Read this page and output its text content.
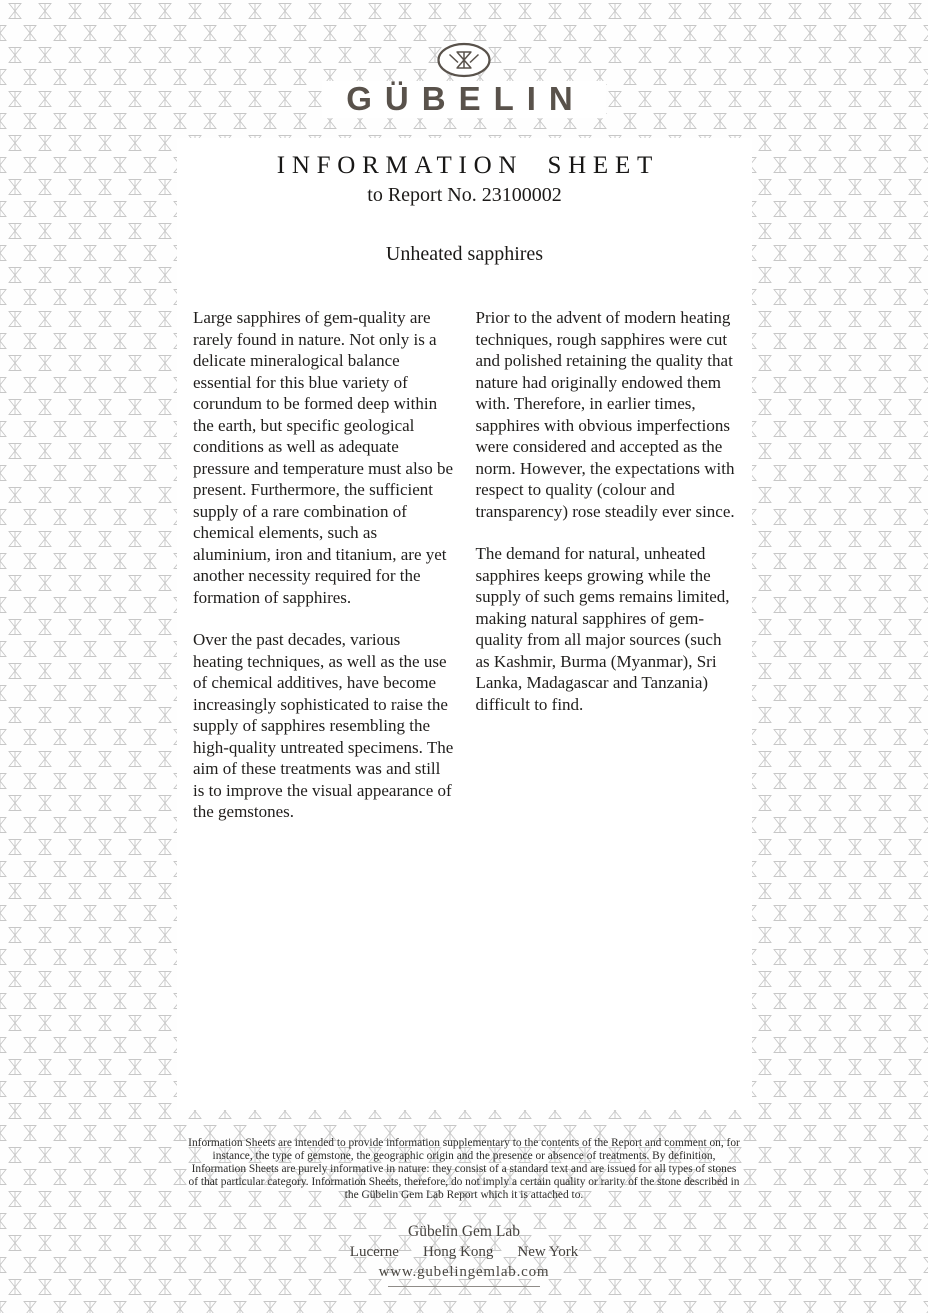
GÜBELIN
INFORMATION SHEET
to Report No. 23100002
Unheated sapphires

Large sapphires of gem-quality are rarely found in nature. Not only is a delicate mineralogical balance essential for this blue variety of corundum to be formed deep within the earth, but specific geological conditions as well as adequate pressure and temperature must also be present. Furthermore, the sufficient supply of a rare combination of chemical elements, such as aluminium, iron and titanium, are yet another necessity required for the formation of sapphires.

Over the past decades, various heating techniques, as well as the use of chemical additives, have become increasingly sophisticated to raise the supply of sapphires resembling the high-quality untreated specimens. The aim of these treatments was and still is to improve the visual appearance of the gemstones.

Prior to the advent of modern heating techniques, rough sapphires were cut and polished retaining the quality that nature had originally endowed them with. Therefore, in earlier times, sapphires with obvious imperfections were considered and accepted as the norm. However, the expectations with respect to quality (colour and transparency) rose steadily ever since.

The demand for natural, unheated sapphires keeps growing while the supply of such gems remains limited, making natural sapphires of gem-quality from all major sources (such as Kashmir, Burma (Myanmar), Sri Lanka, Madagascar and Tanzania) difficult to find.

Information Sheets are intended to provide information supplementary to the contents of the Report and comment on, for instance, the type of gemstone, the geographic origin and the presence or absence of treatments. By definition, Information Sheets are purely informative in nature: they consist of a standard text and are issued for all types of stones of that particular category. Information Sheets, therefore, do not imply a certain quality or rarity of the stone described in the Gübelin Gem Lab Report which it is attached to.
Gübelin Gem Lab
Lucerne Hong Kong New York
www.gubelingemlab.com
